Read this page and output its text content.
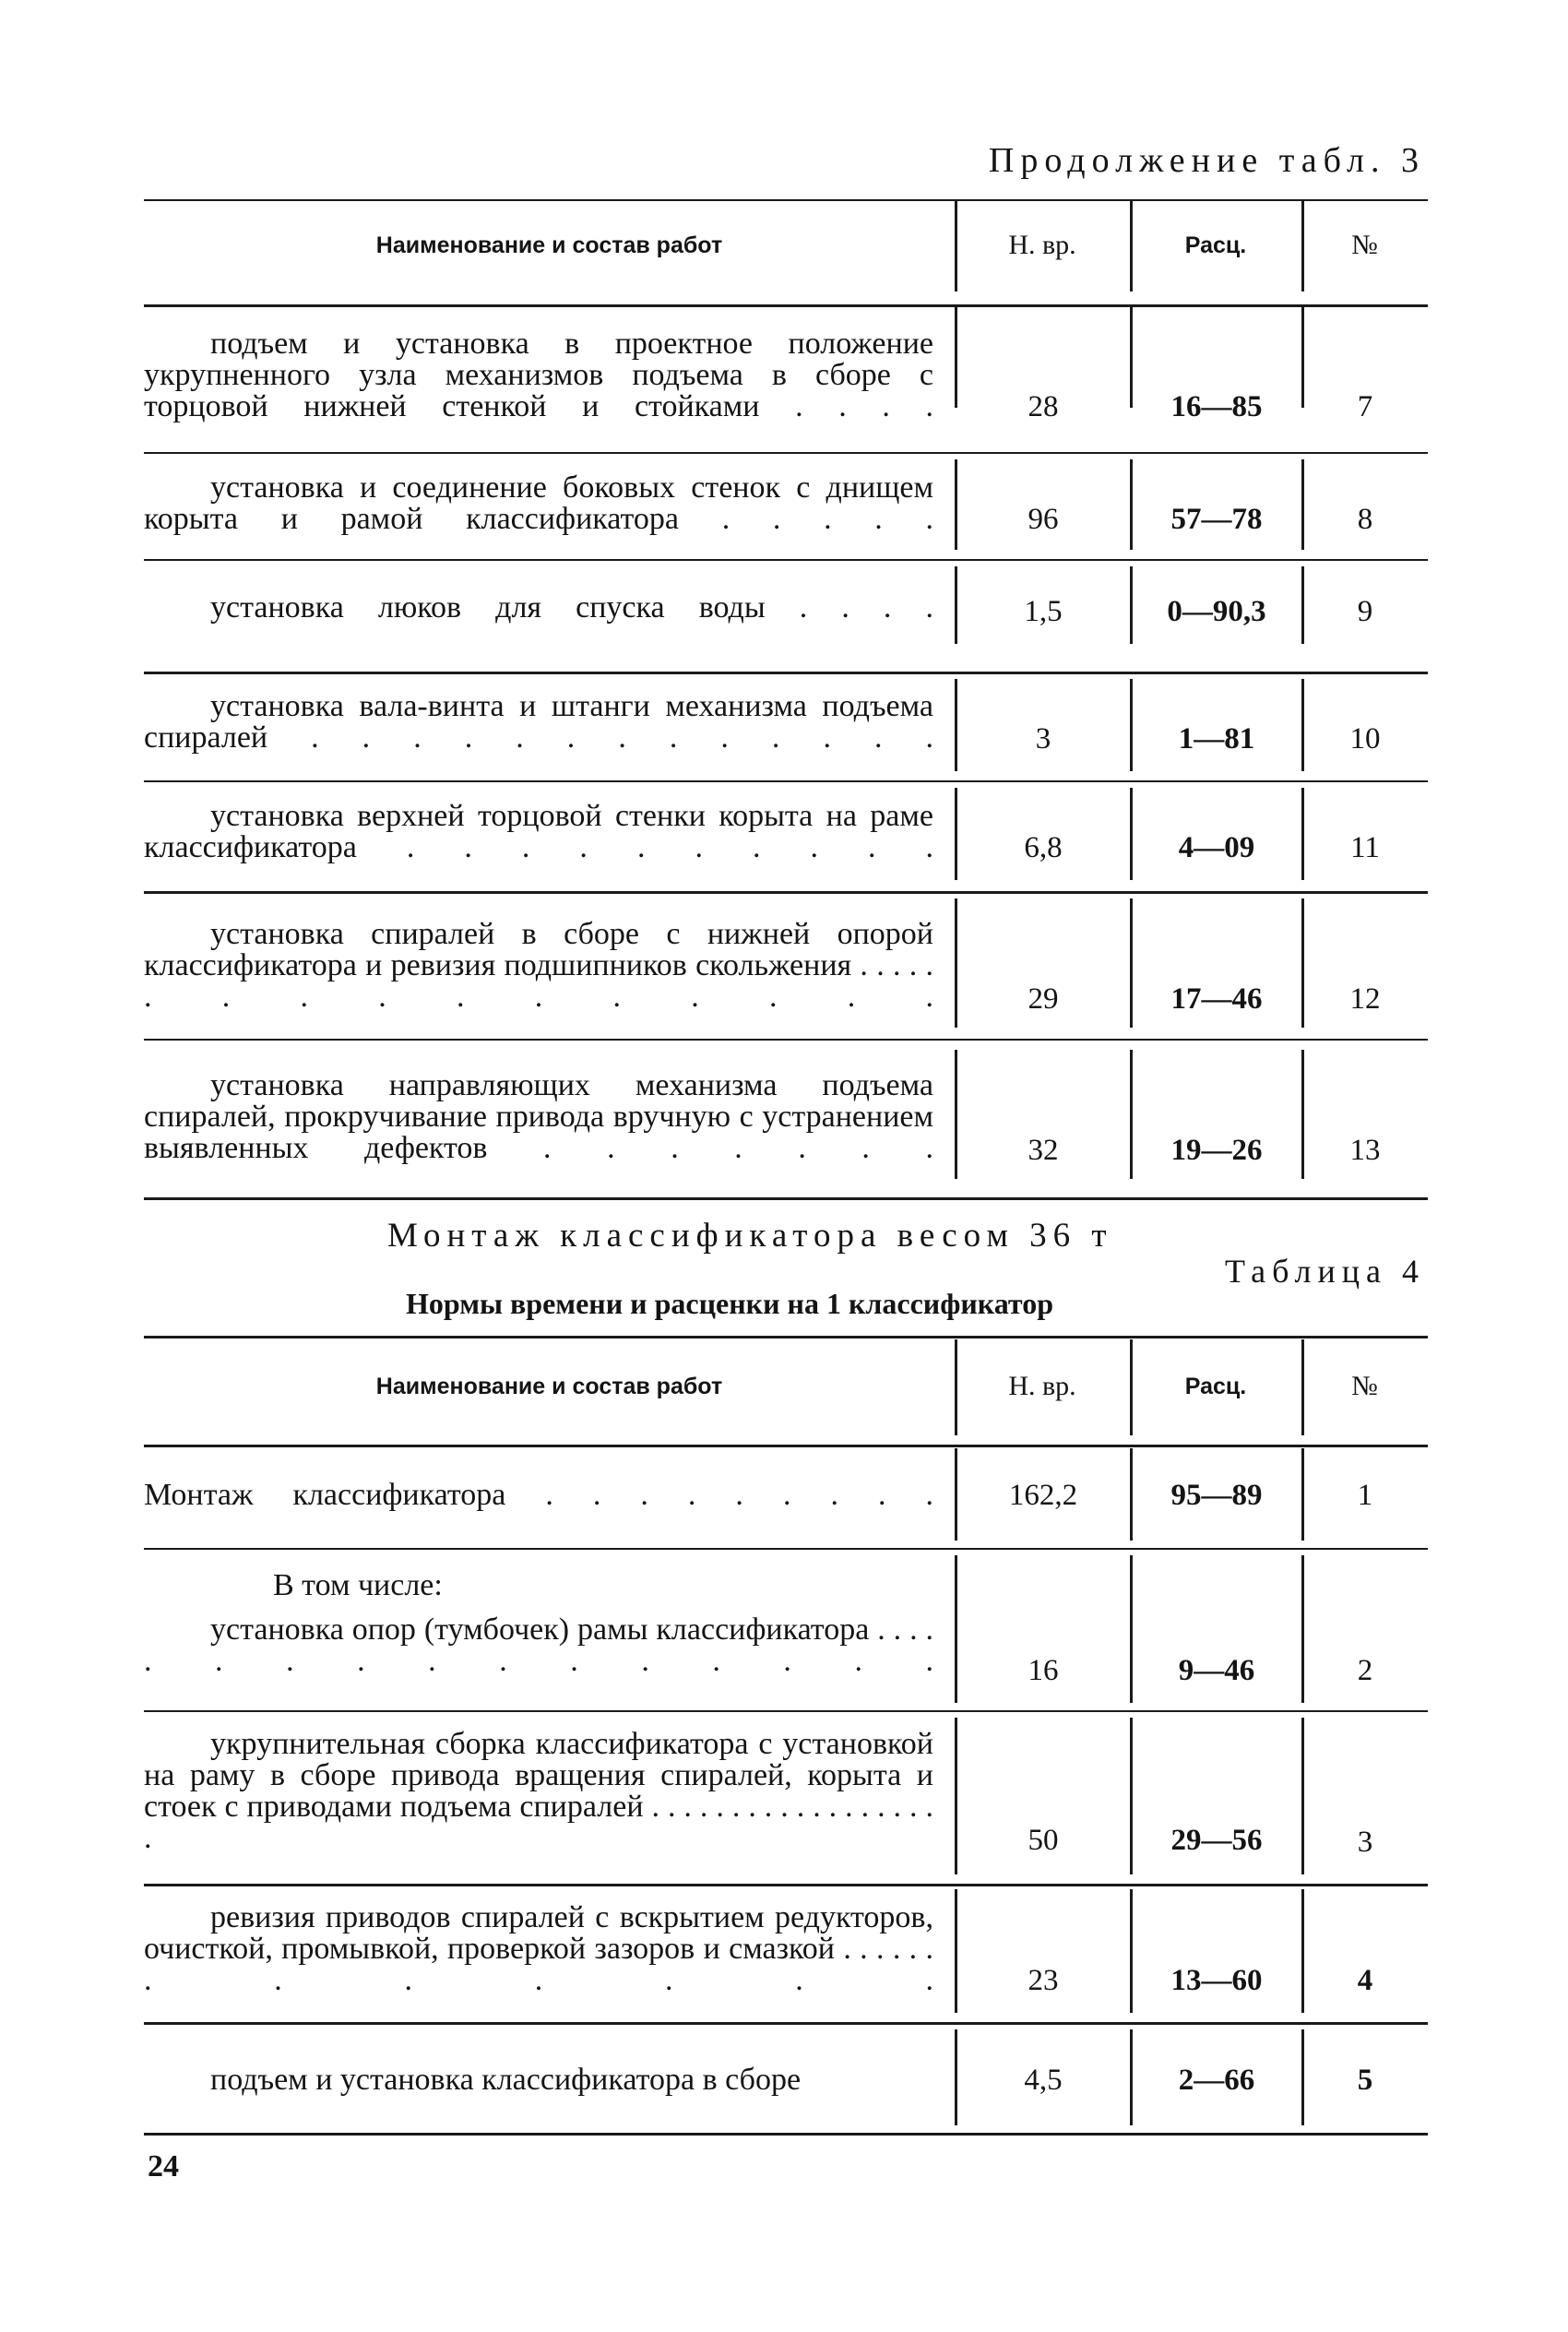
Продолжение табл. 3
Наименование и состав работ	Н. вр.	Расц.	№
подъем и установка в проектное положение укрупненного узла механизмов подъема в сборе с торцовой нижней стенкой и стойками . . . .	28	16—85	7
установка и соединение боковых стенок с днищем корыта и рамой классификатора . . . . .	96	57—78	8
установка люков для спуска воды . . . .	1,5	0—90,3	9
установка вала-винта и штанги механизма подъема спиралей . . . . . . . . . . . . .	3	1—81	10
установка верхней торцовой стенки корыта на раме классификатора . . . . . . . . . .	6,8	4—09	11
установка спиралей в сборе с нижней опорой классификатора и ревизия подшипников скольжения . . . . . . . . . . . . . . . .	29	17—46	12
установка направляющих механизма подъема спиралей, прокручивание привода вручную с устранением выявленных дефектов . . . . . . .	32	19—26	13
Монтаж классификатора весом 36 т
Таблица 4
Нормы времени и расценки на 1 классификатор
Наименование и состав работ	Н. вр.	Расц.	№
Монтаж классификатора . . . . . . . . .	162,2	95—89	1
В том числе:
установка опор (тумбочек) рамы классификатора . . . . . . . . . . . . . . . .	16	9—46	2
укрупнительная сборка классификатора с установкой на раму в сборе привода вращения спиралей, корыта и стоек с приводами подъема спиралей . . . . . . . . . . . . . . . . . . .	50	29—56	3
ревизия приводов спиралей с вскрытием редукторов, очисткой, промывкой, проверкой зазоров и смазкой . . . . . . . . . . . . .	23	13—60	4
подъем и установка классификатора в сборе	4,5	2—66	5
24
